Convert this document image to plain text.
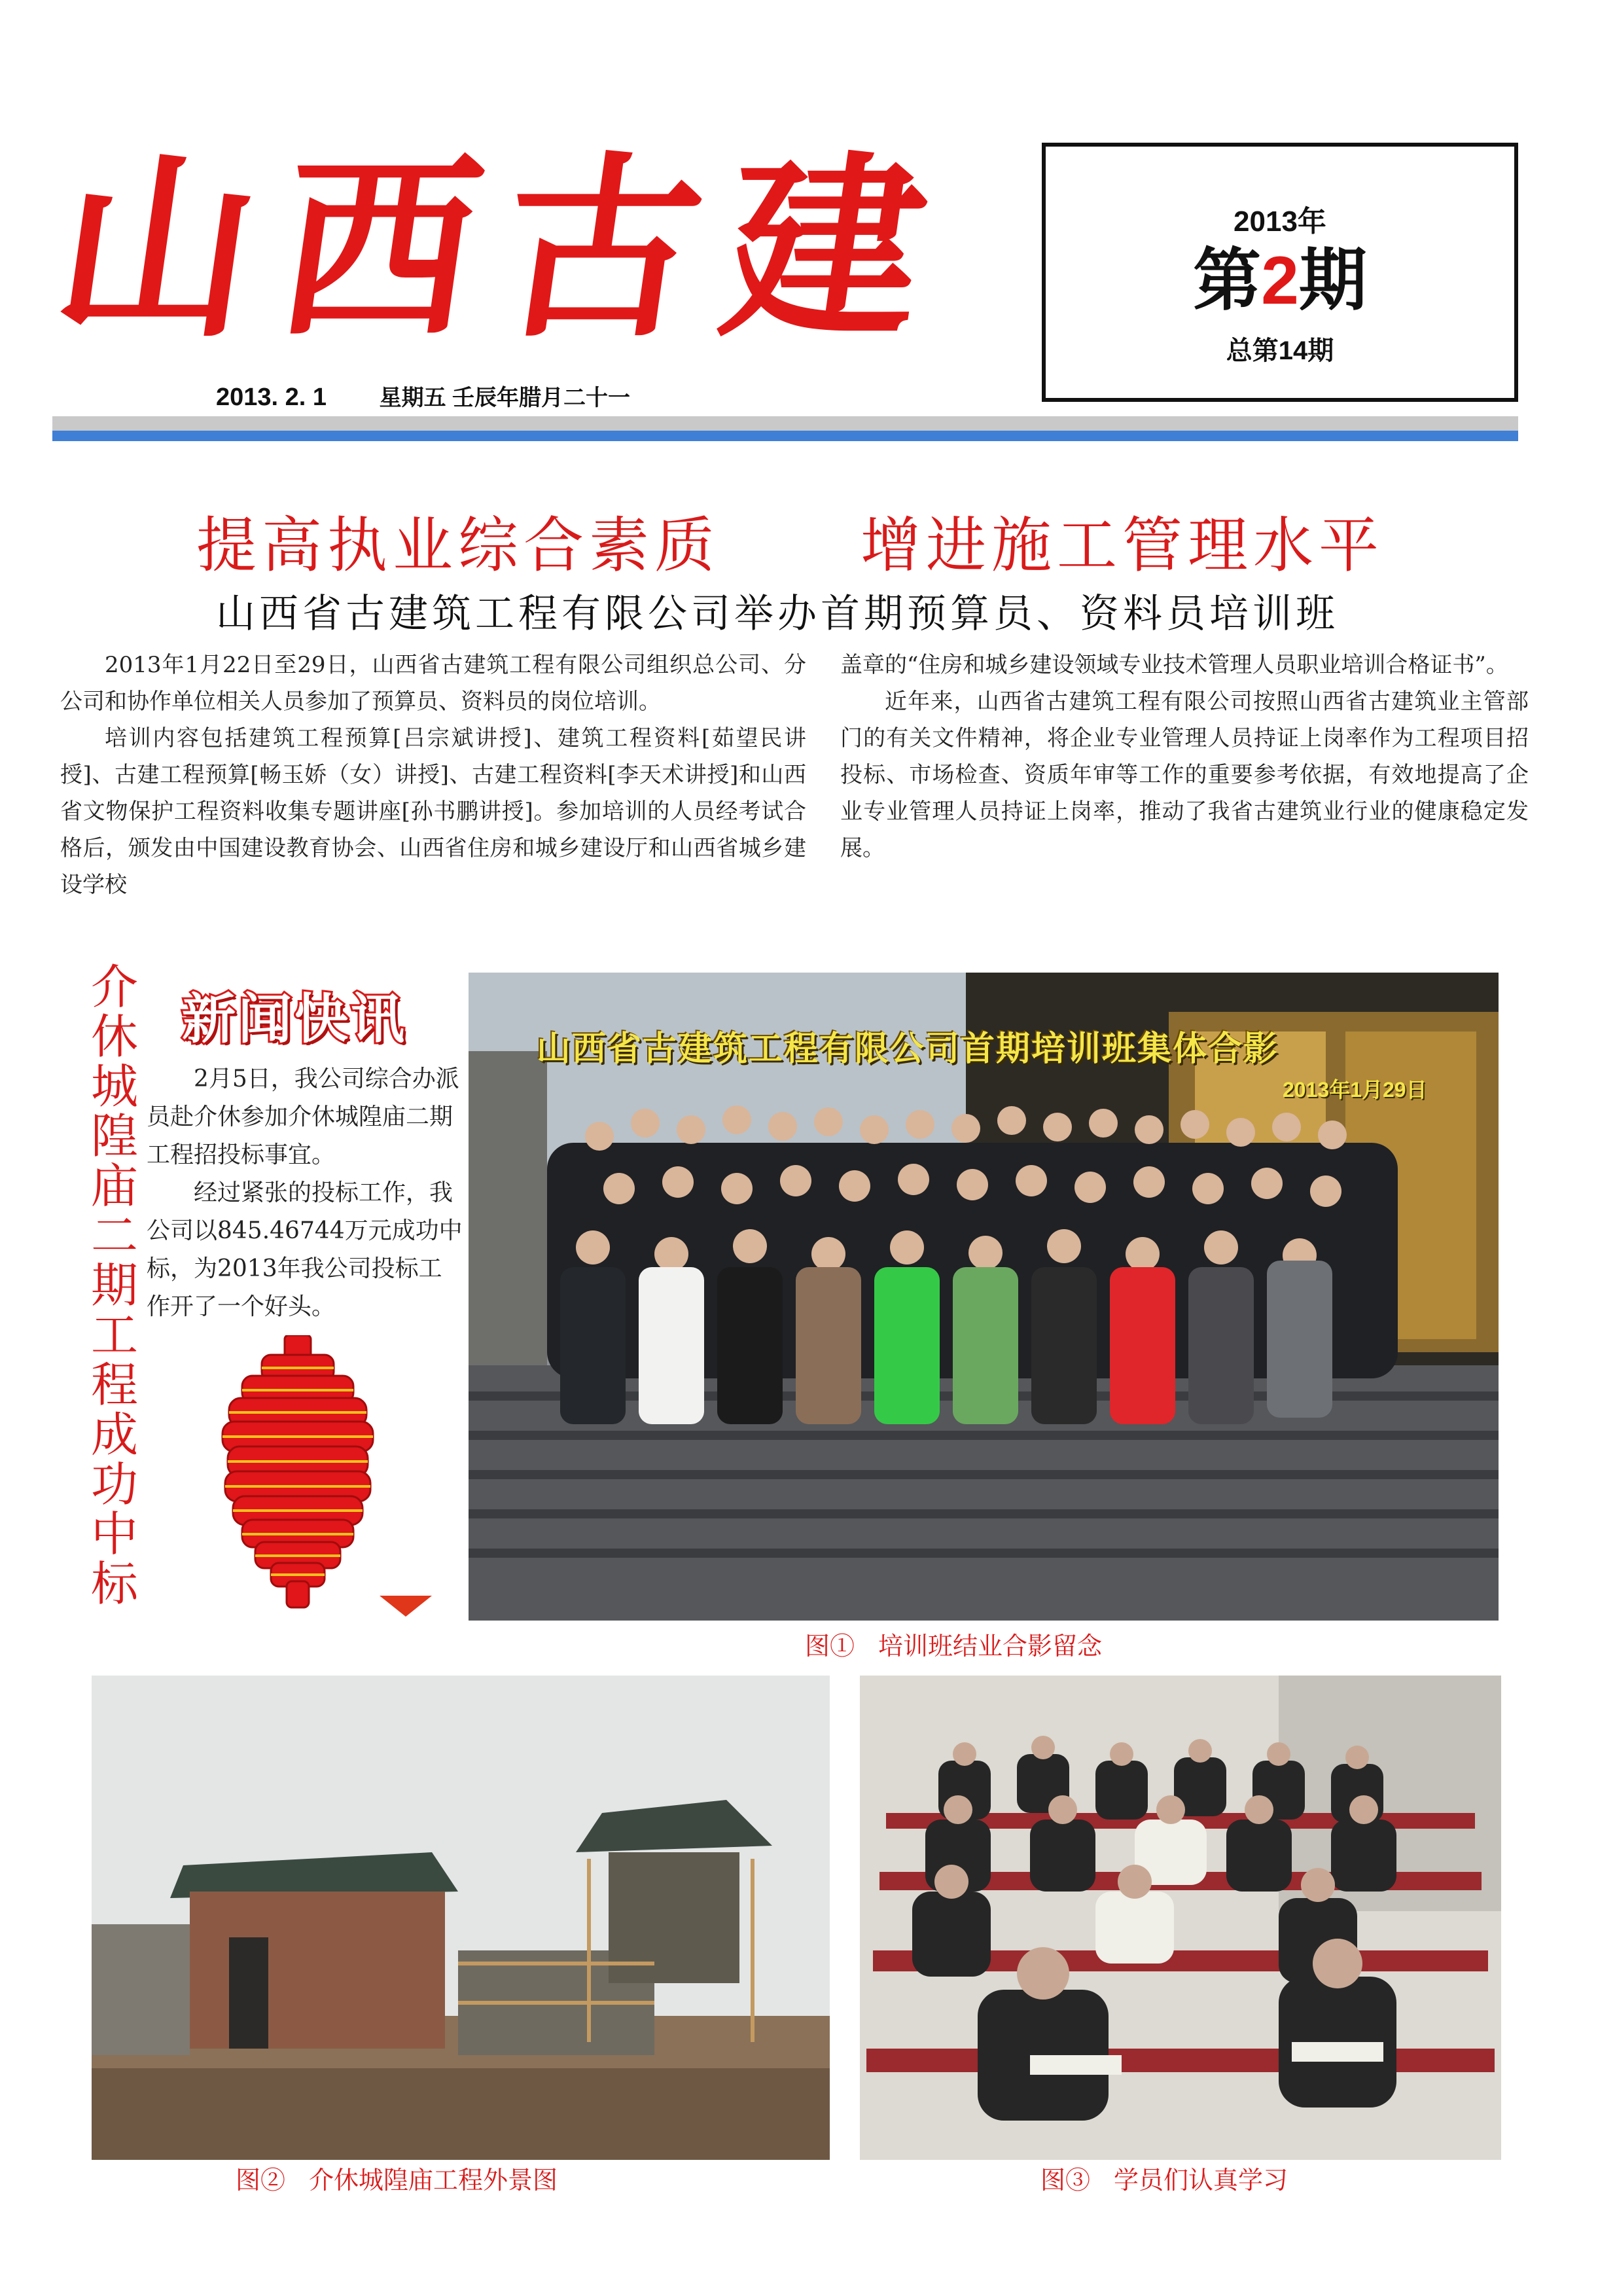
山西古建
2013. 2. 1 星期五 壬辰年腊月二十一
2013年
第2期
总第14期
提高执业综合素质 增进施工管理水平
山西省古建筑工程有限公司举办首期预算员、资料员培训班

2013年1月22日至29日，山西省古建筑工程有限公司组织总公司、分公司和协作单位相关人员参加了预算员、资料员的岗位培训。

培训内容包括建筑工程预算[吕宗斌讲授]、建筑工程资料[茹望民讲授]、古建工程预算[畅玉娇（女）讲授]、古建工程资料[李天术讲授]和山西省文物保护工程资料收集专题讲座[孙书鹏讲授]。参加培训的人员经考试合格后，颁发由中国建设教育协会、山西省住房和城乡建设厅和山西省城乡建设学校

盖章的“住房和城乡建设领域专业技术管理人员职业培训合格证书”。

近年来，山西省古建筑工程有限公司按照山西省古建筑业主管部门的有关文件精神，将企业专业管理人员持证上岗率作为工程项目招投标、市场检查、资质年审等工作的重要参考依据，有效地提高了企业专业管理人员持证上岗率，推动了我省古建筑业行业的健康稳定发展。

介
休
城
隍
庙
二
期
工
程
成
功
中
标
新闻快讯

2月5日，我公司综合办派员赴介休参加介休城隍庙二期工程招投标事宜。

经过紧张的投标工作，我公司以845.46744万元成功中标，为2013年我公司投标工作开了一个好头。

山西省古建筑工程有限公司首期培训班集体合影
2013年1月29日
图① 培训班结业合影留念
图② 介休城隍庙工程外景图	图③ 学员们认真学习
